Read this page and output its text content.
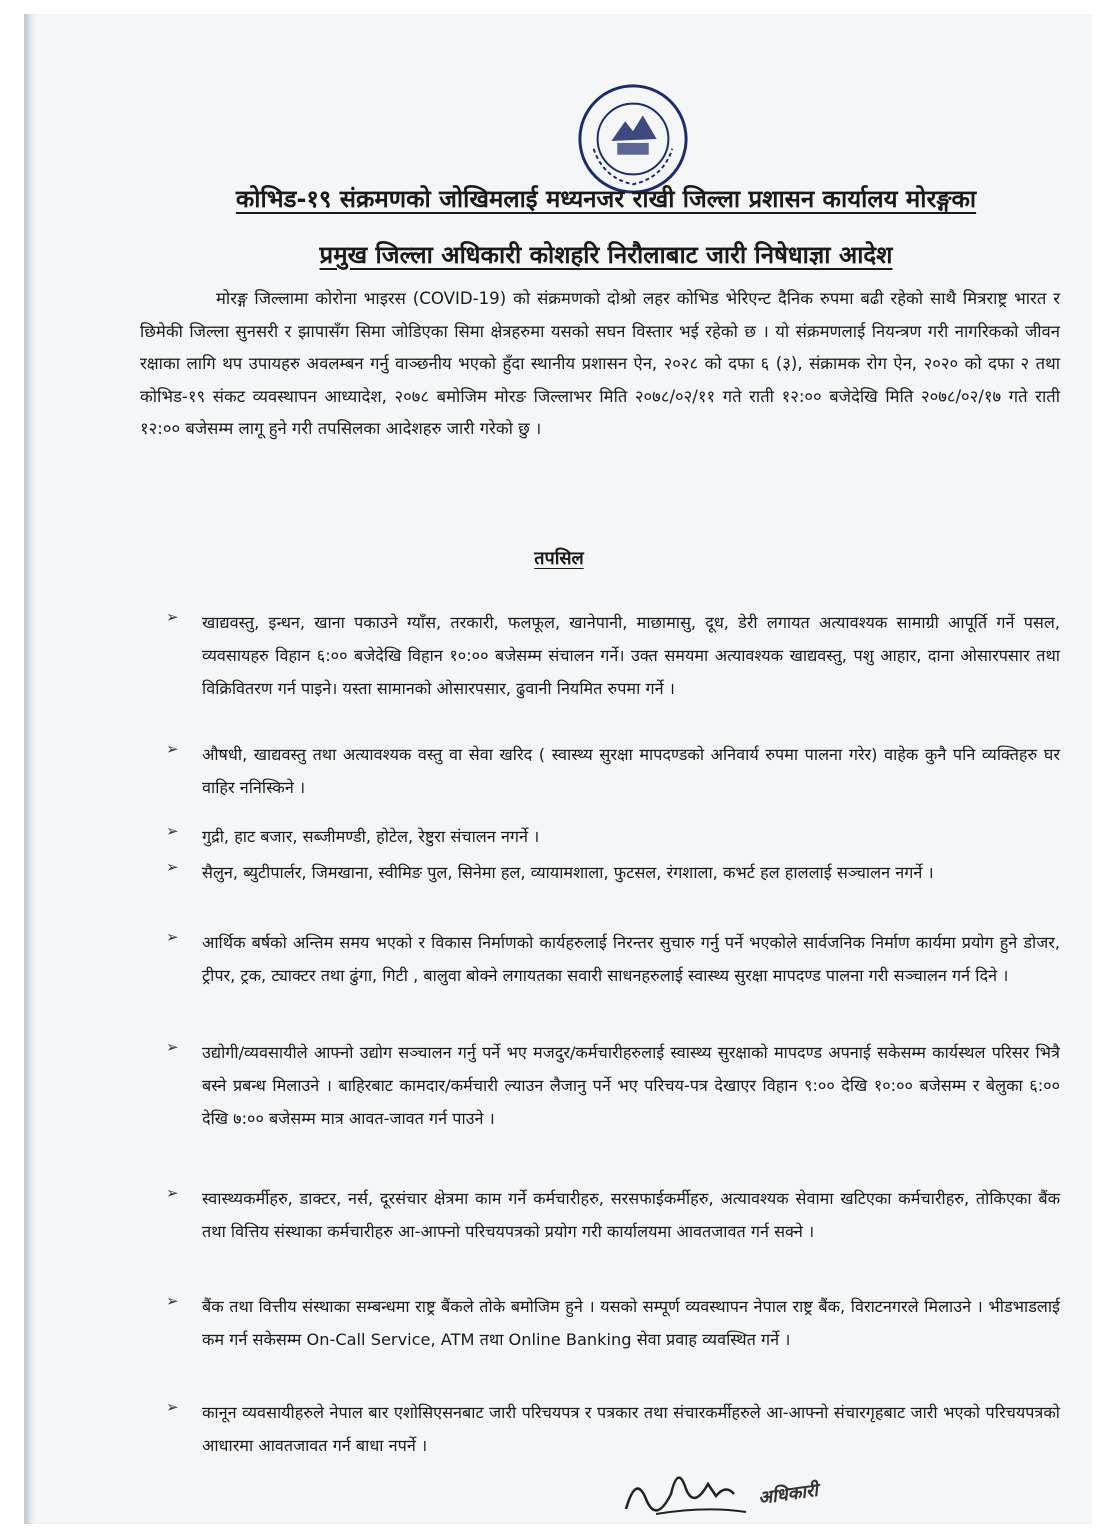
कोभिड-१९ संक्रमणको जोखिमलाई मध्यनजर राखी जिल्ला प्रशासन कार्यालय मोरङ्गका
प्रमुख जिल्ला अधिकारी कोशहरि निरौलाबाट जारी निषेधाज्ञा आदेश
मोरङ्ग जिल्लामा कोरोना भाइरस (COVID-19) को संक्रमणको दोश्रो लहर कोभिड भेरिएन्ट दैनिक रुपमा बढी रहेको साथै मित्रराष्ट्र भारत र छिमेकी जिल्ला सुनसरी र झापासँग सिमा जोडिएका सिमा क्षेत्रहरुमा यसको सघन विस्तार भई रहेको छ । यो संक्रमणलाई नियन्त्रण गरी नागरिकको जीवन रक्षाका लागि थप उपायहरु अवलम्बन गर्नु वाञ्छनीय भएको हुँदा स्थानीय प्रशासन ऐन, २०२८ को दफा ६ (३), संक्रामक रोग ऐन, २०२० को दफा २ तथा कोभिड-१९ संकट व्यवस्थापन आध्यादेश, २०७८ बमोजिम मोरङ जिल्लाभर मिति २०७८/०२/११ गते राती १२:०० बजेदेखि मिति २०७८/०२/१७ गते राती १२:०० बजेसम्म लागू हुने गरी तपसिलका आदेशहरु जारी गरेको छु ।
तपसिल
➢ खाद्यवस्तु, इन्धन, खाना पकाउने ग्याँस, तरकारी, फलफूल, खानेपानी, माछामासु, दूध, डेरी लगायत अत्यावश्यक सामाग्री आपूर्ति गर्ने पसल, व्यवसायहरु विहान ६:०० बजेदेखि विहान १०:०० बजेसम्म संचालन गर्ने। उक्त समयमा अत्यावश्यक खाद्यवस्तु, पशु आहार, दाना ओसारपसार तथा विक्रिवितरण गर्न पाइने। यस्ता सामानको ओसारपसार, ढुवानी नियमित रुपमा गर्ने ।
➢ औषधी, खाद्यवस्तु तथा अत्यावश्यक वस्तु वा सेवा खरिद ( स्वास्थ्य सुरक्षा मापदण्डको अनिवार्य रुपमा पालना गरेर) वाहेक कुनै पनि व्यक्तिहरु घर वाहिर ननिस्किने ।
➢ गुद्री, हाट बजार, सब्जीमण्डी, होटेल, रेष्टुरा संचालन नगर्ने ।
➢ सैलुन, ब्युटीपार्लर, जिमखाना, स्वीमिङ पुल, सिनेमा हल, व्यायामशाला, फुटसल, रंगशाला, कभर्ट हल हाललाई सञ्चालन नगर्ने ।
➢ आर्थिक बर्षको अन्तिम समय भएको र विकास निर्माणको कार्यहरुलाई निरन्तर सुचारु गर्नु पर्ने भएकोले सार्वजनिक निर्माण कार्यमा प्रयोग हुने डोजर, ट्रीपर, ट्रक, ट्याक्टर तथा ढुंगा, गिटी , बालुवा बोक्ने लगायतका सवारी साधनहरुलाई स्वास्थ्य सुरक्षा मापदण्ड पालना गरी सञ्चालन गर्न दिने ।
➢ उद्योगी/व्यवसायीले आफ्नो उद्योग सञ्चालन गर्नु पर्ने भए मजदुर/कर्मचारीहरुलाई स्वास्थ्य सुरक्षाको मापदण्ड अपनाई सकेसम्म कार्यस्थल परिसर भित्रै बस्ने प्रबन्ध मिलाउने । बाहिरबाट कामदार/कर्मचारी ल्याउन लैजानु पर्ने भए परिचय-पत्र देखाएर विहान ९:०० देखि १०:०० बजेसम्म र बेलुका ६:०० देखि ७:०० बजेसम्म मात्र आवत-जावत गर्न पाउने ।
➢ स्वास्थ्यकर्मीहरु, डाक्टर, नर्स, दूरसंचार क्षेत्रमा काम गर्ने कर्मचारीहरु, सरसफाईकर्मीहरु, अत्यावश्यक सेवामा खटिएका कर्मचारीहरु, तोकिएका बैंक तथा वित्तिय संस्थाका कर्मचारीहरु आ-आफ्नो परिचयपत्रको प्रयोग गरी कार्यालयमा आवतजावत गर्न सक्ने ।
➢ बैंक तथा वित्तीय संस्थाका सम्बन्धमा राष्ट्र बैंकले तोके बमोजिम हुने । यसको सम्पूर्ण व्यवस्थापन नेपाल राष्ट्र बैंक, विराटनगरले मिलाउने । भीडभाडलाई कम गर्न सकेसम्म On-Call Service, ATM तथा Online Banking सेवा प्रवाह व्यवस्थित गर्ने ।
➢ कानून व्यवसायीहरुले नेपाल बार एशोसिएसनबाट जारी परिचयपत्र र पत्रकार तथा संचारकर्मीहरुले आ-आफ्नो संचारगृहबाट जारी भएको परिचयपत्रको आधारमा आवतजावत गर्न बाधा नपर्ने ।
अधिकारी
